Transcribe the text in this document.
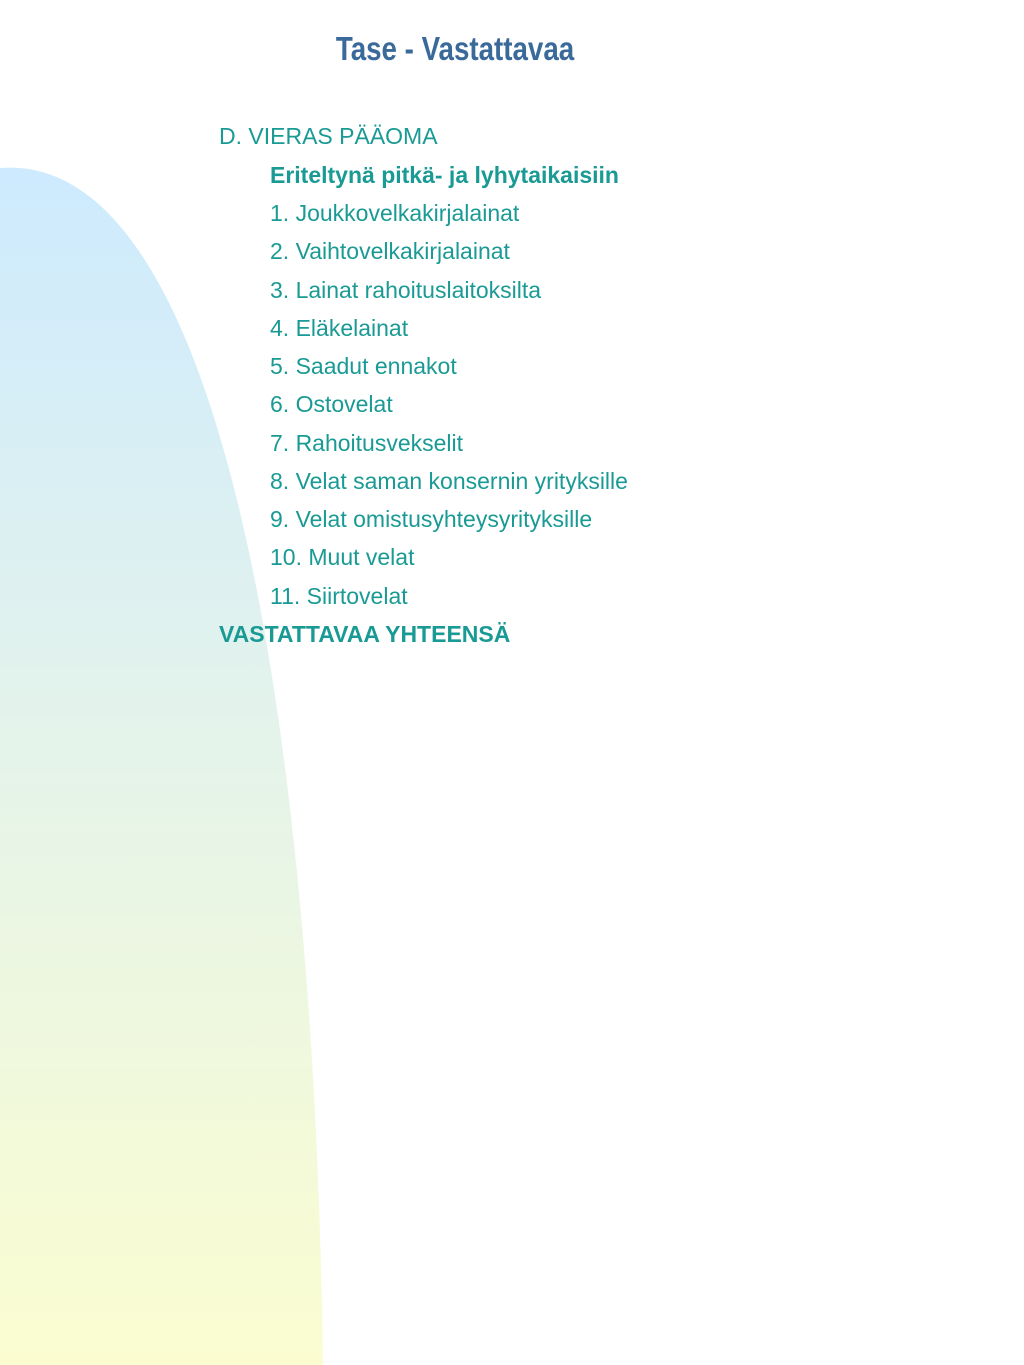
Tase - Vastattavaa
D. VIERAS PÄÄOMA
Eriteltynä pitkä- ja lyhytaikaisiin
1. Joukkovelkakirjalainat
2. Vaihtovelkakirjalainat
3. Lainat rahoituslaitoksilta
4. Eläkelainat
5. Saadut ennakot
6. Ostovelat
7. Rahoitusvekselit
8. Velat saman konsernin yrityksille
9. Velat omistusyhteysyrityksille
10. Muut velat
11. Siirtovelat
VASTATTAVAA YHTEENSÄ
